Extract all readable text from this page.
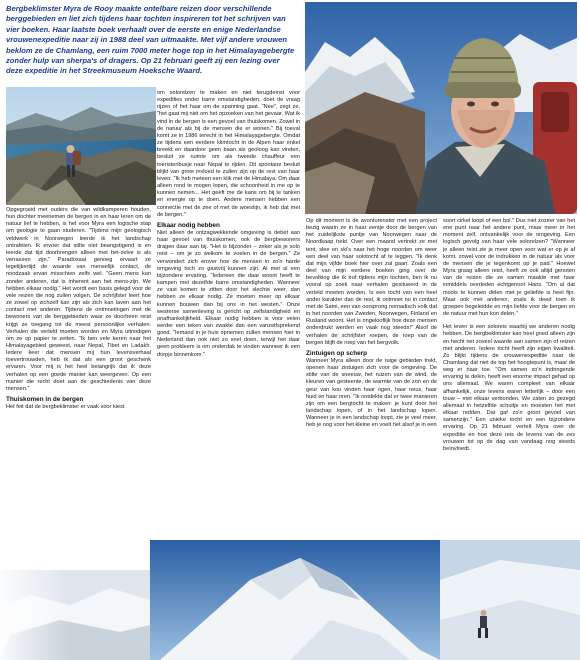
Bergbeklimster Myra de Rooy maakte ontelbare reizen door verschillende berggebieden en liet zich tijdens haar tochten inspireren tot het schrijven van vier boeken. Haar laatste boek verhaalt over de eerste en enige Nederlandse vrouwenexpeditie naar zij in 1988 deel van uitmaakte. Met vijf andere vrouwen beklom ze de Chamlang, een ruim 7000 meter hoge top in het Himalayagebergte zonder hulp van sherpa's of dragers. Op 21 februari geeft zij een lezing over deze expeditie in het Streekmuseum Hoeksche Waard.

Opgegroeid met ouders die van wildkamperen houden, hun dochter meenemen de bergen in en haar leren om de natuur lief te hebben, is het voor Myra een logische stap om geologie te gaan studeren. "Tijdens mijn geologisch veldwerk in Noorwegen leerde ik het landschap ontrafelen. Ik ervoer dat stilte niet beangstigend is en leerde dat tijd doorbrengen alleen met het-zelve is als verrassen zijn." Paradoxaal genoeg ervaart ze tegelijkertijd de waarde van menselijk contact, de noodzaak ervan misschien zelfs wel. "Geen mens kan zonder anderen, dat is inherent aan het mens-zijn. We hebben elkaar nodig." Het wordt een basis gelegd voor de vele reizen die nog zullen volgen. De schrijfster leert hoe ze zowel op zichzelf kan zijn als zich kan laven aan het contact met anderen. Tijdens de ontmoetingen met de bewoners van de berggebieden waar ze doorheen reist krijgt ze toegang tot de meest persoonlijke verhalen. Verhalen die verteld moeten worden en Myra uitnodigen om ze op papier te zetten. "Ik ben vele keren naar het Himalayagebied geweest, naar Nepal, Tibet en Ladakh. Iedere keer dat mensen mij hun levensverhaal toevertrouwden, heb ik dat als een groot geschenk ervaren. Voor mij is het heel belangrijk dat ik deze verhalen op een goede manier kan weergeven. Op een manier die recht doet aan de geschiedenis van deze mensen."

Thuiskomen in de bergen

Het feit dat de bergbeklimster er vaak voor kiest

om solorelzen te maken en niet terugdeinst voor expedities onder barre omstandigheden, doet de vraag rijzen of het haar om de spanning gaat. "Nee", zegt ze, "het gaat mij niet om het opzoeken van het gevaar. Wat ik vind in de bergen is een gevoel van thuiskomen. Zowel in de natuur als bij de mensen die er wonen." Bij toeval komt ze in 1986 terecht in het Himalayagebergte. Omdat ze tijdens een eerdere klimtocht in de Alpen haar enkel breekt en daardoor geen baan als geoloog kan vinden, besluit ze ruimte om als tweede chauffeur een toeristenbusje naar Nepal te rijden. Dit spontane besluit blijkt van grote invloed te zullen zijn op de rest van haar leven. "Ik heb meteen een klik met de Himalaya. Om daar alleen rond te mogen lopen, die schoonheid in me op te kunnen nemen... Het geeft me de kans om bij te tanken en energie op te doen. Andere mensen hebben een connectie met de zee of met de woestijn, ik heb dat met de bergen."

Elkaar nodig hebben

Niet alleen de ontzagwekkende omgeving is debet aan haar gevoel van thuiskomen, ook de bergbewoners dragen daar aan bij. "Het is bijzonder – zeker als je solo reist – om je zo welkom te voelen in de bergen." Ze verwondert zich erover hoe de mensen in zo'n harde omgeving toch zo gastvrij kunnen zijn. Al met al een bijzondere ervaring. "Iedereen die daar woont heeft te kampen met dezelfde barre omstandigheden. Wanneer ze vast komen te zitten door het slechte weer, dan hebben ze elkaar nodig. Ze moeten meer op elkaar kunnen bouwen dan bij ons in het westen." Onze westerse samenleving is gericht op zelfstandigheid en onafhankelijkheid. Elkaar nodig hebben is voor velen eerder een teken van zwakte dan een vanzelfsprekend goed. "Iemand in je huis opnemen zullen mensen hier in Nederland dan ook niet zo snel doen, terwijl het daar geen probleem is om onderdak te vinden wanneer ik een dorpje binnenkom."

Op dit moment is de avonturenster met een project bezig waarin ze in haar eentje door de bergen van het zuidelijkste puntje van Noorwegen naar de Noordkaap trekt. Over een maand vertrekt ze met tent, slee en ski's naar het hoge noorden om weer een deel van haar solotocht af te leggen. "Ik denk dat mijn vijfde boek hier over zal gaan. Zoals een deel van mijn eerdere boeken ging over de bevolking die ik trof tijdens mijn tochten, ben ik nu vooral op zoek naar verhalen gesitueerd in de verteld moeten worden. Is een tocht van een heel ander karakter dan de rest, ik ontmoet nu in contact met de Sami, een van oorsprong nomadisch volk dat in het noorden van Zweden, Noorwegen, Finland en Rusland woont. Het is ongelooflijk hoe deze mensen onderdrukt werden en vaak nog steeds!" Alsof de verhalen de schrijfster roepen, de roep van de bergen blijft de roep van het bergvolk.

Zintuigen op scherp

Wanneer Myra alleen door de ruige gebieden trekt, openen haar zintuigen zich voor de omgeving. De stilte van de sneeuw, het ruizen van de wind, de kleuren van gesteente, de warmte van de zon en de geur van kou vinden haar ogen, haar neus, haar huid en haar oren. "Ik ontdekte dat er twee manieren zijn om een bergtocht te maken: je kunt door het landschap lopen, of in het landschap lopen. Wanneer je in een landschap loopt, zie je veel meer, heb je oog voor het kleine en voelt het alsof je in een

soort cirkel loopt of een bol." Dus niet zozeer van het ene punt naar het andere punt, maar meer in het moment zelf, ontvankelijk voor de omgeving. Een logisch gevolg van haar vele solorelzen? "Wanneer je alleen reist zie je meer open voor wat er op je af komt, zowel voor de indrukken in de natuur als voor de mensen die je tegenkomt op je pad." Hoewel Myra graag alleen reist, heeft ze ook altijd genoten van de reizen die ze samen maakte met haar inmiddels overleden echtgenoot Hans. "Om al dat moois te kunnen delen met je geliefde is heel fijn. Maar ook met anderen, zoals ik deed toen ik groepen begeleidde en mijn liefde voor de bergen en de natuur met hun kon delen."

Het leven is een soloreis waarbij we anderen nodig hebben. De bergbeklimster kan heel goed alleen zijn en hecht net zoveel waarde aan samen zijn of reizen met anderen. Iedere tocht heeft zijn eigen kwaliteit. Zo blijkt tijdens de vrouwenexpeditie naar de Chamlang dat niet de top het hoogtepunt is, maar de weg er naar toe. "Om samen zo'n indringende ervaring te delen, heeft een enorme impact gehad op ons allemaal. We waren compleet van elkaar afhankelijk, onze levens waren letterlijk – door een touw – met elkaar verbonden. We zaten zo gezegd allemaal in hetzelfde schuitje en moesten het met elkaar redden. Dat gaf zo'n groot gevoel van samenzijn." Een unieke tocht en een bijzondere ervaring. Op 21 februari vertelt Myra over de expeditie en hoe deze reis de levens van de zes vrouwen tot op de dag van vandaag nog steeds beïnvloedt.
